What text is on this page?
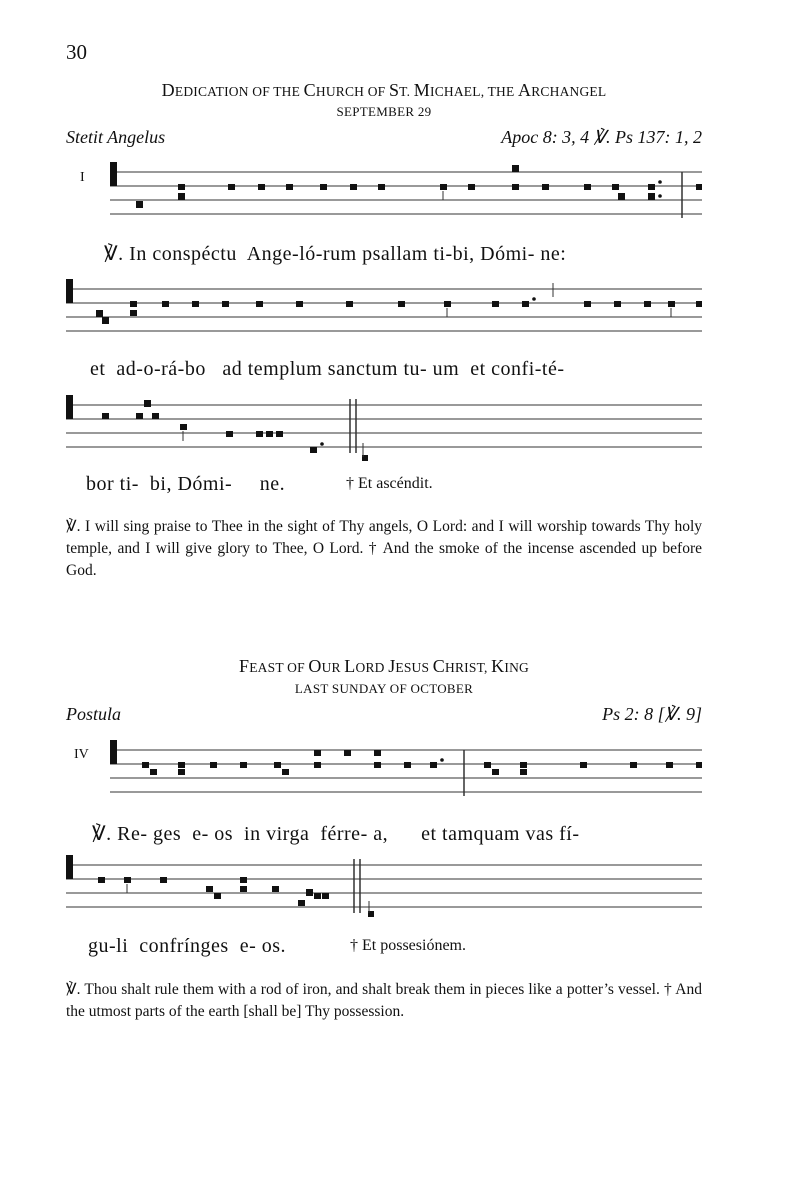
30
DEDICATION OF THE CHURCH OF ST. MICHAEL, THE ARCHANGEL
SEPTEMBER 29
Stetit Angelus	Apoc 8: 3, 4 ℣. Ps 137: 1, 2
I
℣. In conspéctu  Ange-ló-rum psallam ti-bi, Dómi- ne:
et  ad-o-rá-bo   ad templum sanctum tu- um  et confi-té-
bor ti-  bi, Dómi-     ne.	† Et ascéndit.
℣. I will sing praise to Thee in the sight of Thy angels, O Lord: and I will worship towards Thy holy temple, and I will give glory to Thee, O Lord. † And the smoke of the incense ascended up before God.
FEAST OF OUR LORD JESUS CHRIST, KING
LAST SUNDAY OF OCTOBER
Postula	Ps 2: 8 [℣. 9]
IV
℣. Re- ges  e- os  in virga  férre- a,      et tamquam vas fí-
gu-li  confrínges  e- os.	† Et possesiónem.
℣. Thou shalt rule them with a rod of iron, and shalt break them in pieces like a potter’s vessel. † And the utmost parts of the earth [shall be] Thy possession.
